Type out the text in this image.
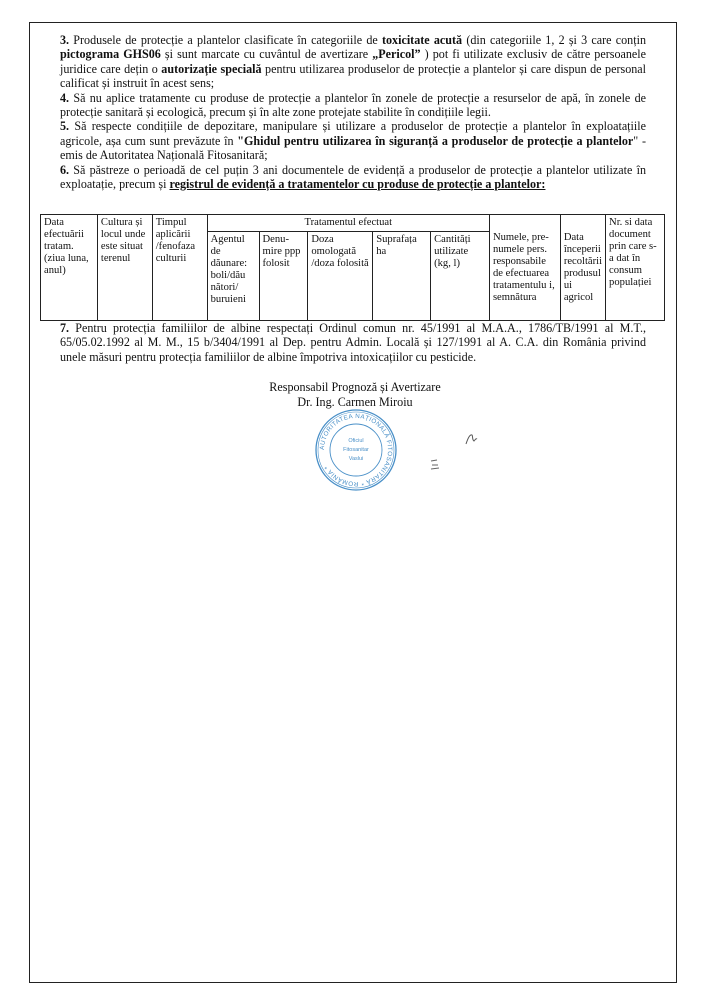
3. Produsele de protecție a plantelor clasificate în categoriile de toxicitate acută (din categoriile 1, 2 și 3 care conțin pictograma GHS06 și sunt marcate cu cuvântul de avertizare „Pericol” ) pot fi utilizate exclusiv de către persoanele juridice care dețin o autorizație specială pentru utilizarea produselor de protecție a plantelor și care dispun de personal calificat și instruit în acest sens;

4. Să nu aplice tratamente cu produse de protecție a plantelor în zonele de protecție a resurselor de apă, în zonele de protecție sanitară și ecologică, precum și în alte zone protejate stabilite în condițiile legii.

5. Să respecte condițiile de depozitare, manipulare și utilizare a produselor de protecție a plantelor în exploatațiile agricole, așa cum sunt prevăzute în "Ghidul pentru utilizarea în siguranță a produselor de protecție a plantelor" - emis de Autoritatea Națională Fitosanitară;

6. Să păstreze o perioadă de cel puțin 3 ani documentele de evidență a produselor de protecție a plantelor utilizate în exploatație, precum și registrul de evidență a tratamentelor cu produse de protecție a plantelor:

Data efectuării tratam. (ziua luna, anul)	Cultura și locul unde este situat terenul	Timpul aplicării /fenofaza culturii	Tratamentul efectuat					Numele, pre- numele pers. responsabile de efectuarea tratamentulu i, semnătura	Data începerii recoltării produsul ui agricol	Nr. si data document prin care s-a dat în consum populației
			Agentul de dăunare: boli/dău nători/ buruieni	Denu- mire ppp folosit	Doza omologată /doza folosită	Suprafața ha	Cantități utilizate (kg, l)			

7. Pentru protecția familiilor de albine respectați Ordinul comun nr. 45/1991 al M.A.A., 1786/TB/1991 al M.T., 65/05.02.1992 al M. M., 15 b/3404/1991 al Dep. pentru Admin. Locală și 127/1991 al A. C.A. din România privind unele măsuri pentru protecția familiilor de albine împotriva intoxicațiilor cu pesticide.

Responsabil Prognoză și Avertizare
Dr. Ing. Carmen Miroiu
AUTORITATEA NAȚIONALĂ FITOSANITARĂ * ROMÂNIA *
Oficiul
Fitosanitar
Vaslui
